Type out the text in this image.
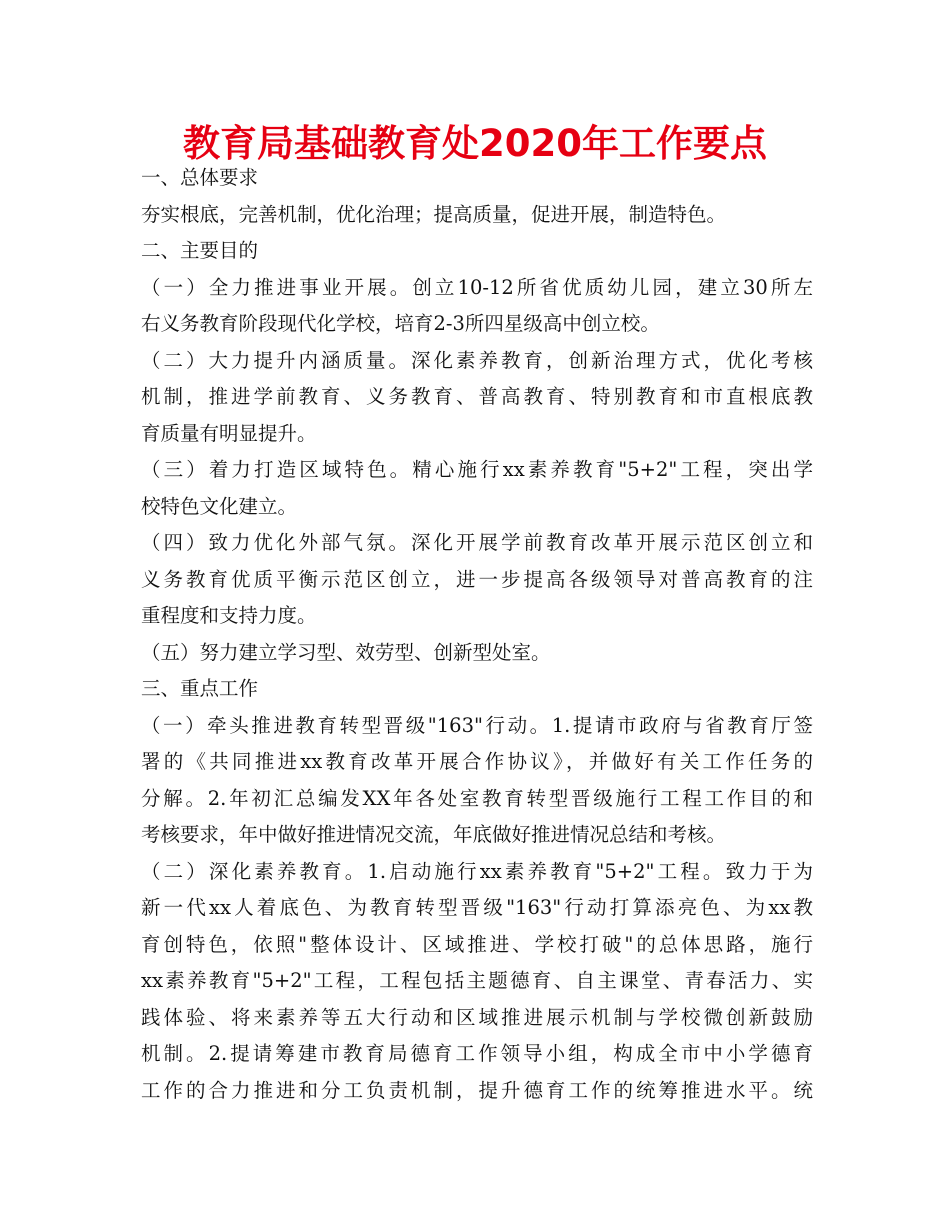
教育局基础教育处2020年工作要点
一、总体要求
夯实根底，完善机制，优化治理；提高质量，促进开展，制造特色。
二、主要目的
（一）全力推进事业开展。创立10-12所省优质幼儿园，建立30所左
右义务教育阶段现代化学校，培育2-3所四星级高中创立校。
（二）大力提升内涵质量。深化素养教育，创新治理方式，优化考核
机制，推进学前教育、义务教育、普高教育、特别教育和市直根底教
育质量有明显提升。
（三）着力打造区域特色。精心施行xx素养教育"5+2"工程，突出学
校特色文化建立。
（四）致力优化外部气氛。深化开展学前教育改革开展示范区创立和
义务教育优质平衡示范区创立，进一步提高各级领导对普高教育的注
重程度和支持力度。
（五）努力建立学习型、效劳型、创新型处室。
三、重点工作
（一）牵头推进教育转型晋级"163"行动。1.提请市政府与省教育厅签
署的《共同推进xx教育改革开展合作协议》，并做好有关工作任务的
分解。2.年初汇总编发XX年各处室教育转型晋级施行工程工作目的和
考核要求，年中做好推进情况交流，年底做好推进情况总结和考核。
（二）深化素养教育。1.启动施行xx素养教育"5+2"工程。致力于为
新一代xx人着底色、为教育转型晋级"163"行动打算添亮色、为xx教
育创特色，依照"整体设计、区域推进、学校打破"的总体思路，施行
xx素养教育"5+2"工程，工程包括主题德育、自主课堂、青春活力、实
践体验、将来素养等五大行动和区域推进展示机制与学校微创新鼓励
机制。2.提请筹建市教育局德育工作领导小组，构成全市中小学德育
工作的合力推进和分工负责机制，提升德育工作的统筹推进水平。统
